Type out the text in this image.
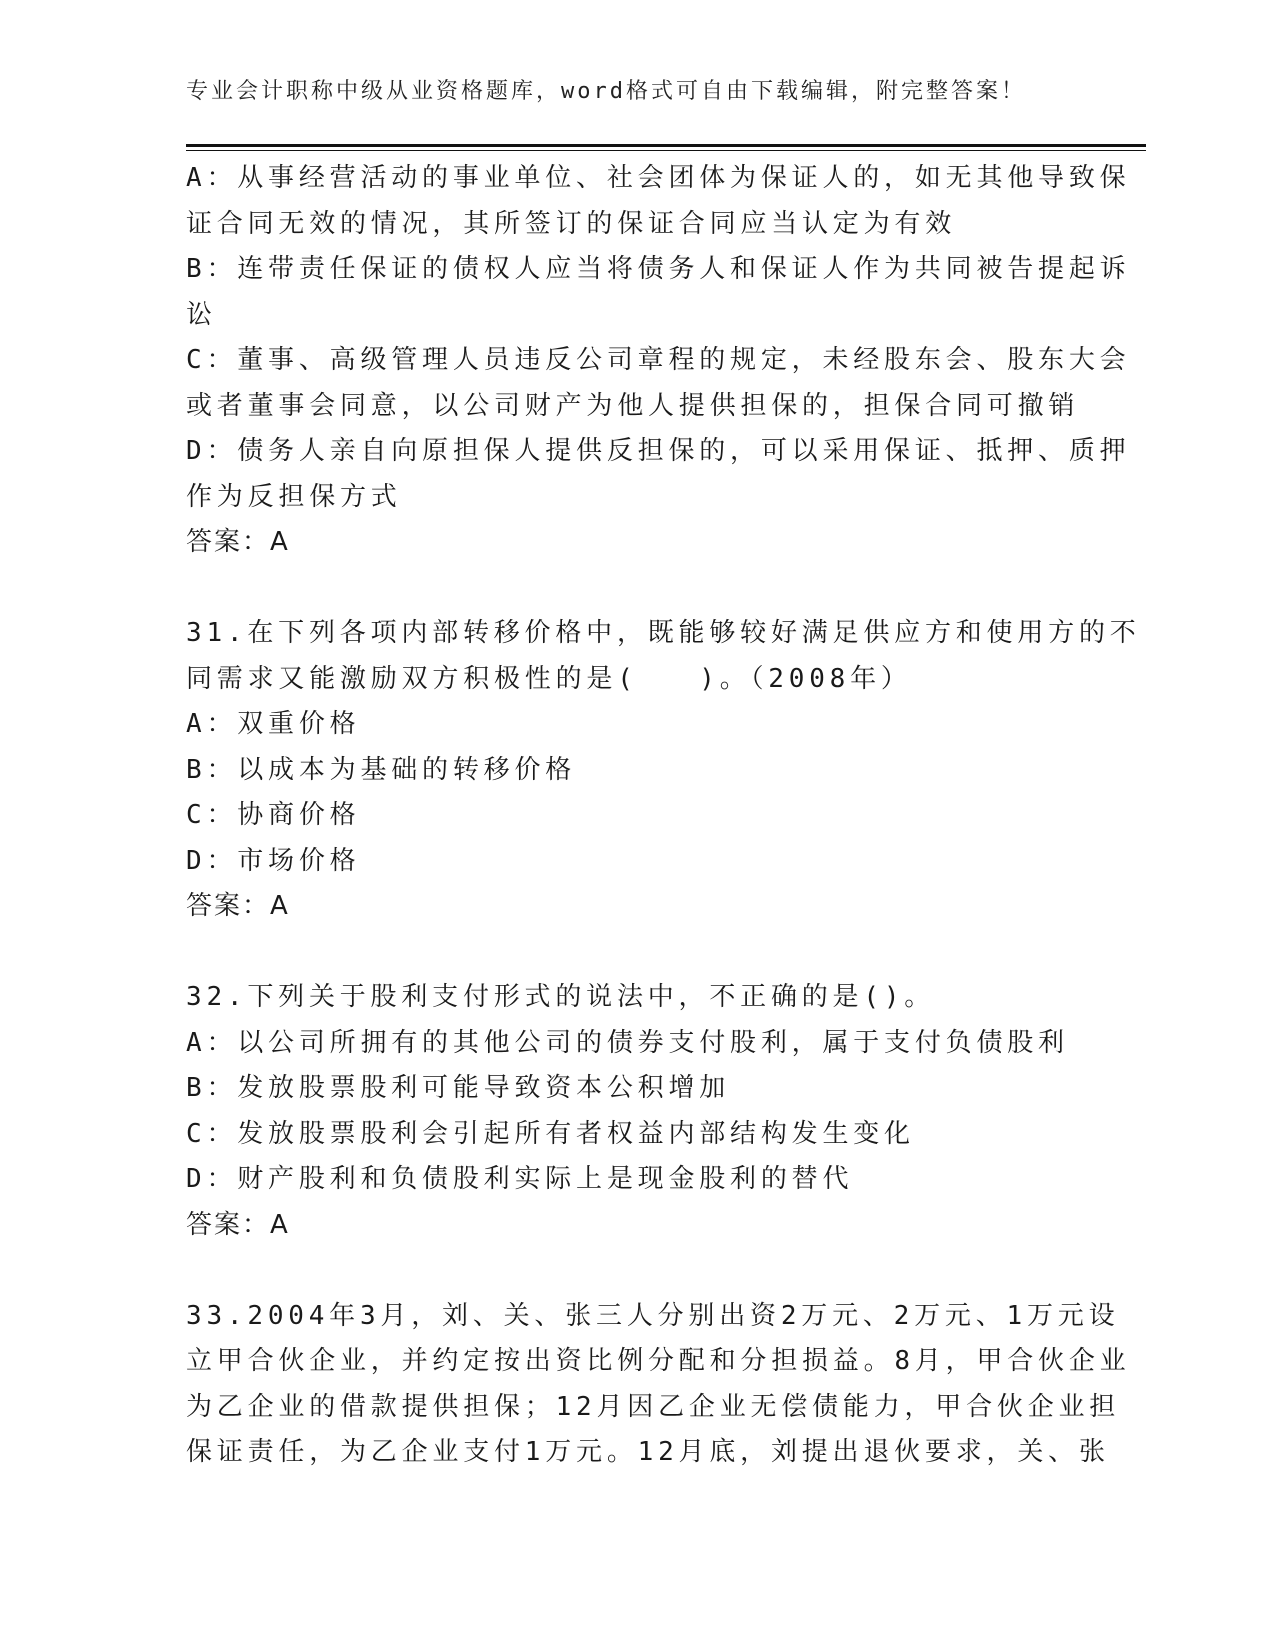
专业会计职称中级从业资格题库，word格式可自由下载编辑，附完整答案！
A：从事经营活动的事业单位、社会团体为保证人的，如无其他导致保
证合同无效的情况，其所签订的保证合同应当认定为有效
B：连带责任保证的债权人应当将债务人和保证人作为共同被告提起诉
讼
C：董事、高级管理人员违反公司章程的规定，未经股东会、股东大会
或者董事会同意，以公司财产为他人提供担保的，担保合同可撤销
D：债务人亲自向原担保人提供反担保的，可以采用保证、抵押、质押
作为反担保方式
答案：A
31.在下列各项内部转移价格中，既能够较好满足供应方和使用方的不
同需求又能激励双方积极性的是(　　)。（2008年）
A：双重价格
B：以成本为基础的转移价格
C：协商价格
D：市场价格
答案：A
32.下列关于股利支付形式的说法中，不正确的是()。
A：以公司所拥有的其他公司的债券支付股利，属于支付负债股利
B：发放股票股利可能导致资本公积增加
C：发放股票股利会引起所有者权益内部结构发生变化
D：财产股利和负债股利实际上是现金股利的替代
答案：A
33.2004年3月，刘、关、张三人分别出资2万元、2万元、1万元设
立甲合伙企业，并约定按出资比例分配和分担损益。8月，甲合伙企业
为乙企业的借款提供担保；12月因乙企业无偿债能力，甲合伙企业担
保证责任，为乙企业支付1万元。12月底，刘提出退伙要求，关、张
